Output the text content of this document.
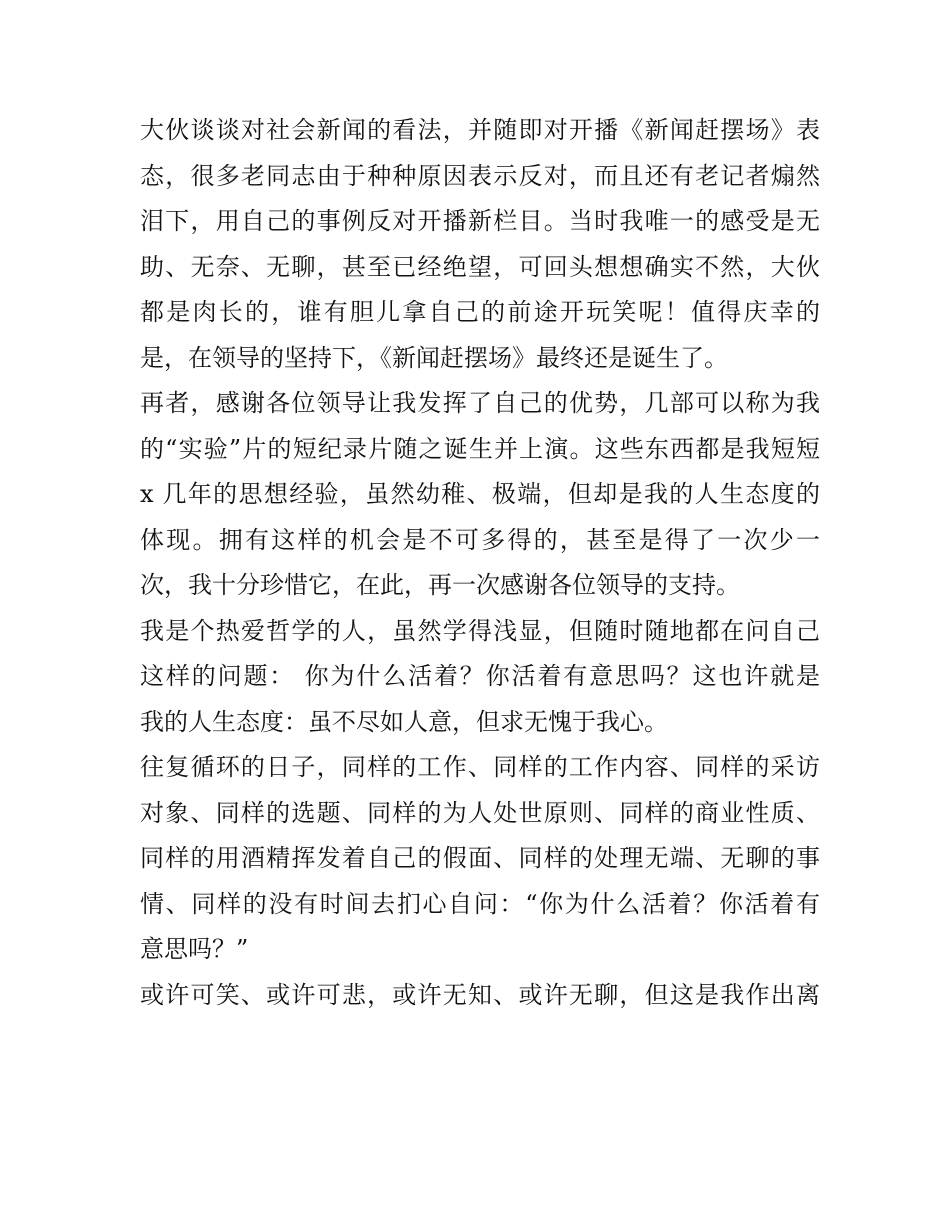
大伙谈谈对社会新闻的看法，并随即对开播《新闻赶摆场》表
态，很多老同志由于种种原因表示反对，而且还有老记者煽然
泪下，用自己的事例反对开播新栏目。当时我唯一的感受是无
助、无奈、无聊，甚至已经绝望，可回头想想确实不然，大伙
都是肉长的，谁有胆儿拿自己的前途开玩笑呢！值得庆幸的
是，在领导的坚持下，《新闻赶摆场》最终还是诞生了。

再者，感谢各位领导让我发挥了自己的优势，几部可以称为我
的“实验”片的短纪录片随之诞生并上演。这些东西都是我短短
x 几年的思想经验，虽然幼稚、极端，但却是我的人生态度的
体现。拥有这样的机会是不可多得的，甚至是得了一次少一
次，我十分珍惜它，在此，再一次感谢各位领导的支持。

我是个热爱哲学的人，虽然学得浅显，但随时随地都在问自己
这样的问题： 你为什么活着？你活着有意思吗？这也许就是
我的人生态度：虽不尽如人意，但求无愧于我心。

往复循环的日子，同样的工作、同样的工作内容、同样的采访
对象、同样的选题、同样的为人处世原则、同样的商业性质、
同样的用酒精挥发着自己的假面、同样的处理无端、无聊的事
情、同样的没有时间去扪心自问：“你为什么活着？你活着有
意思吗？”

或许可笑、或许可悲，或许无知、或许无聊，但这是我作出离
